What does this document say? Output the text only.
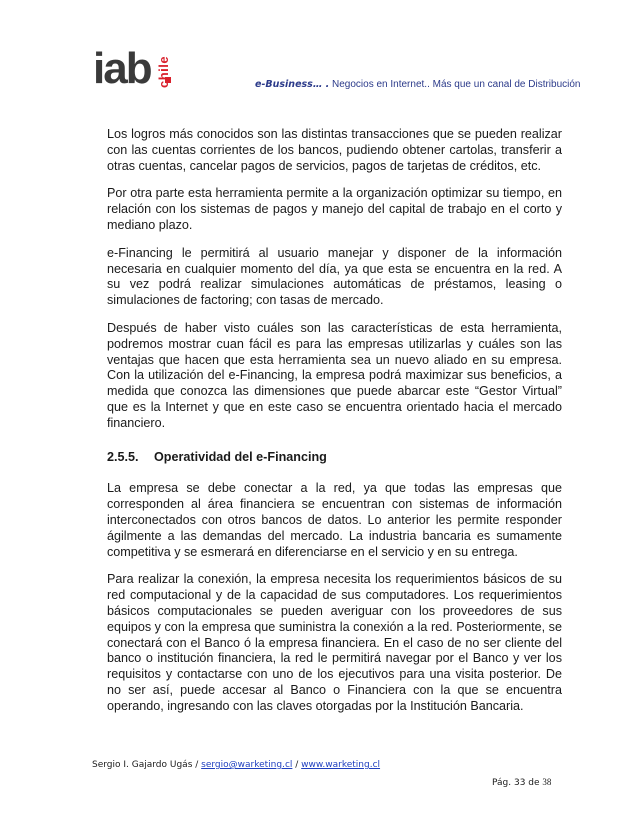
iab chile	e-Business… . Negocios en Internet.. Más que un canal de Distribución

Los logros más conocidos son las distintas transacciones que se pueden realizar con las cuentas corrientes de los bancos, pudiendo obtener cartolas, transferir a otras cuentas, cancelar pagos de servicios, pagos de tarjetas de créditos, etc.

Por otra parte esta herramienta permite a la organización optimizar su tiempo, en relación con los sistemas de pagos y manejo del capital de trabajo en el corto y mediano plazo.

e-Financing le permitirá al usuario manejar y disponer de la información necesaria en cualquier momento del día, ya que esta se encuentra en la red. A su vez podrá realizar simulaciones automáticas de préstamos, leasing o simulaciones de factoring; con tasas de mercado.

Después de haber visto cuáles son las características de esta herramienta, podremos mostrar cuan fácil es para las empresas utilizarlas y cuáles son las ventajas que hacen que esta herramienta sea un nuevo aliado en su empresa. Con la utilización del e-Financing, la empresa podrá maximizar sus beneficios, a medida que conozca las dimensiones que puede abarcar este “Gestor Virtual” que es la Internet y que en este caso se encuentra orientado hacia el mercado financiero.

2.5.5. Operatividad del e-Financing

La empresa se debe conectar a la red, ya que todas las empresas que corresponden al área financiera se encuentran con sistemas de información interconectados con otros bancos de datos. Lo anterior les permite responder ágilmente a las demandas del mercado. La industria bancaria es sumamente competitiva y se esmerará en diferenciarse en el servicio y en su entrega.

Para realizar la conexión, la empresa necesita los requerimientos básicos de su red computacional y de la capacidad de sus computadores. Los requerimientos básicos computacionales se pueden averiguar con los proveedores de sus equipos y con la empresa que suministra la conexión a la red. Posteriormente, se conectará con el Banco ó la empresa financiera. En el caso de no ser cliente del banco o institución financiera, la red le permitirá navegar por el Banco y ver los requisitos y contactarse con uno de los ejecutivos para una visita posterior. De no ser así, puede accesar al Banco o Financiera con la que se encuentra operando, ingresando con las claves otorgadas por la Institución Bancaria.

Sergio I. Gajardo Ugás / sergio@warketing.cl / www.warketing.cl
Pág. 33 de 38
